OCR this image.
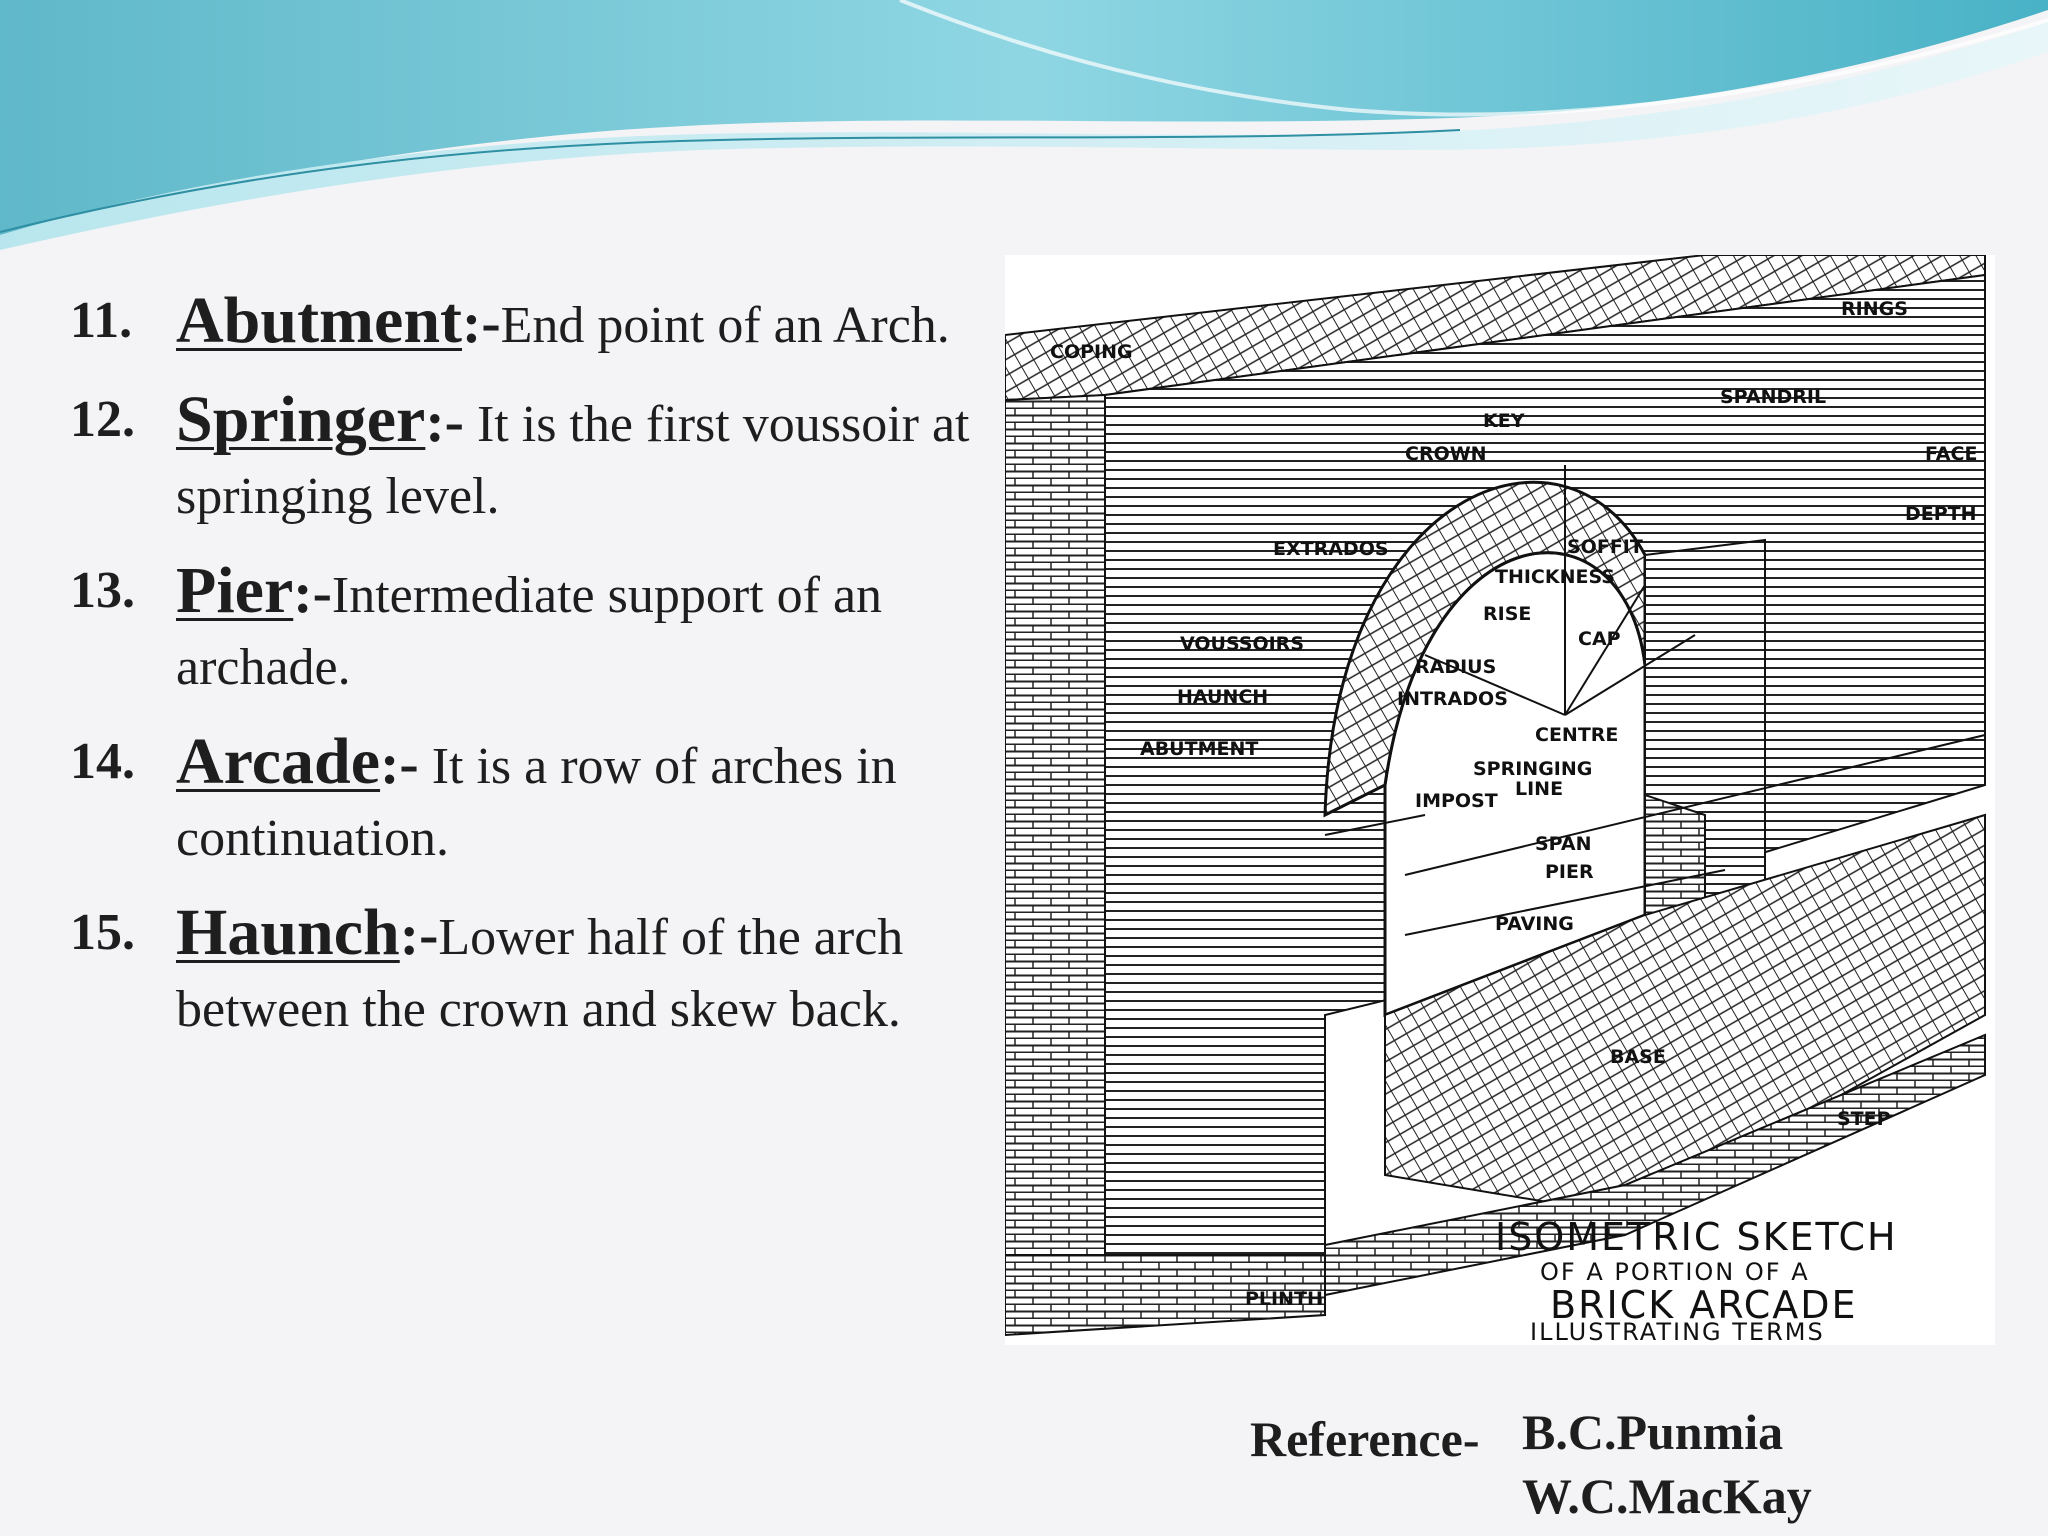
11. Abutment:-End point of an Arch.
12. Springer:- It is the first voussoir at springing level.
13. Pier:-Intermediate support of an archade.
14. Arcade:- It is a row of arches in continuation.
15. Haunch:-Lower half of the arch between the crown and skew back.
RINGS
COPING
SPANDRIL
KEY
CROWN	FACE
DEPTH
EXTRADOS	SOFFIT
THICKNESS
RISE
CAP
VOUSSOIRS
RADIUS
HAUNCH	INTRADOS
CENTRE
ABUTMENT
SPRINGING
LINE
IMPOST
SPAN
PIER
PAVING
BASE
STEP
PLINTH
ISOMETRIC SKETCH
OF A PORTION OF A
BRICK ARCADE
ILLUSTRATING TERMS
Reference- B.C.Punmia
W.C.MacKay
